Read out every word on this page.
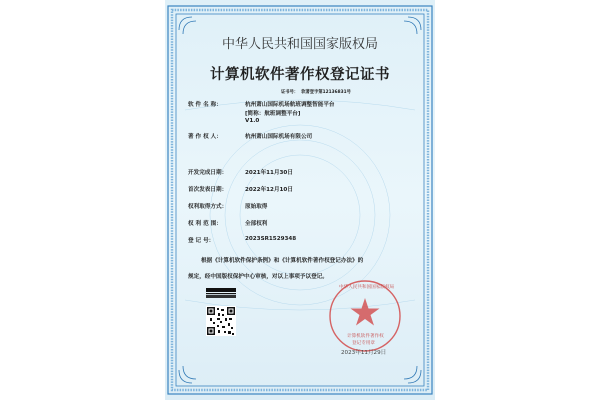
中华人民共和国国家版权局
计算机软件著作权登记证书
证书号： 软著登字第12136831号
软 件 名 称：	杭州萧山国际机场航班调整智能平台
[简称：航班调整平台]
V1.0
著 作 权 人：	杭州萧山国际机场有限公司
开发完成日期：	2021年11月30日
首次发表日期：	2022年12月10日
权利取得方式：	原始取得
权 利 范 围：	全部权利
登 记 号：	2023SR1529348
根据《计算机软件保护条例》和《计算机软件著作权登记办法》的
规定，经中国版权保护中心审核，对以上事项予以登记。
中华人民共和国国家版权局
计算机软件著作权
登记专用章
2023年11月29日
